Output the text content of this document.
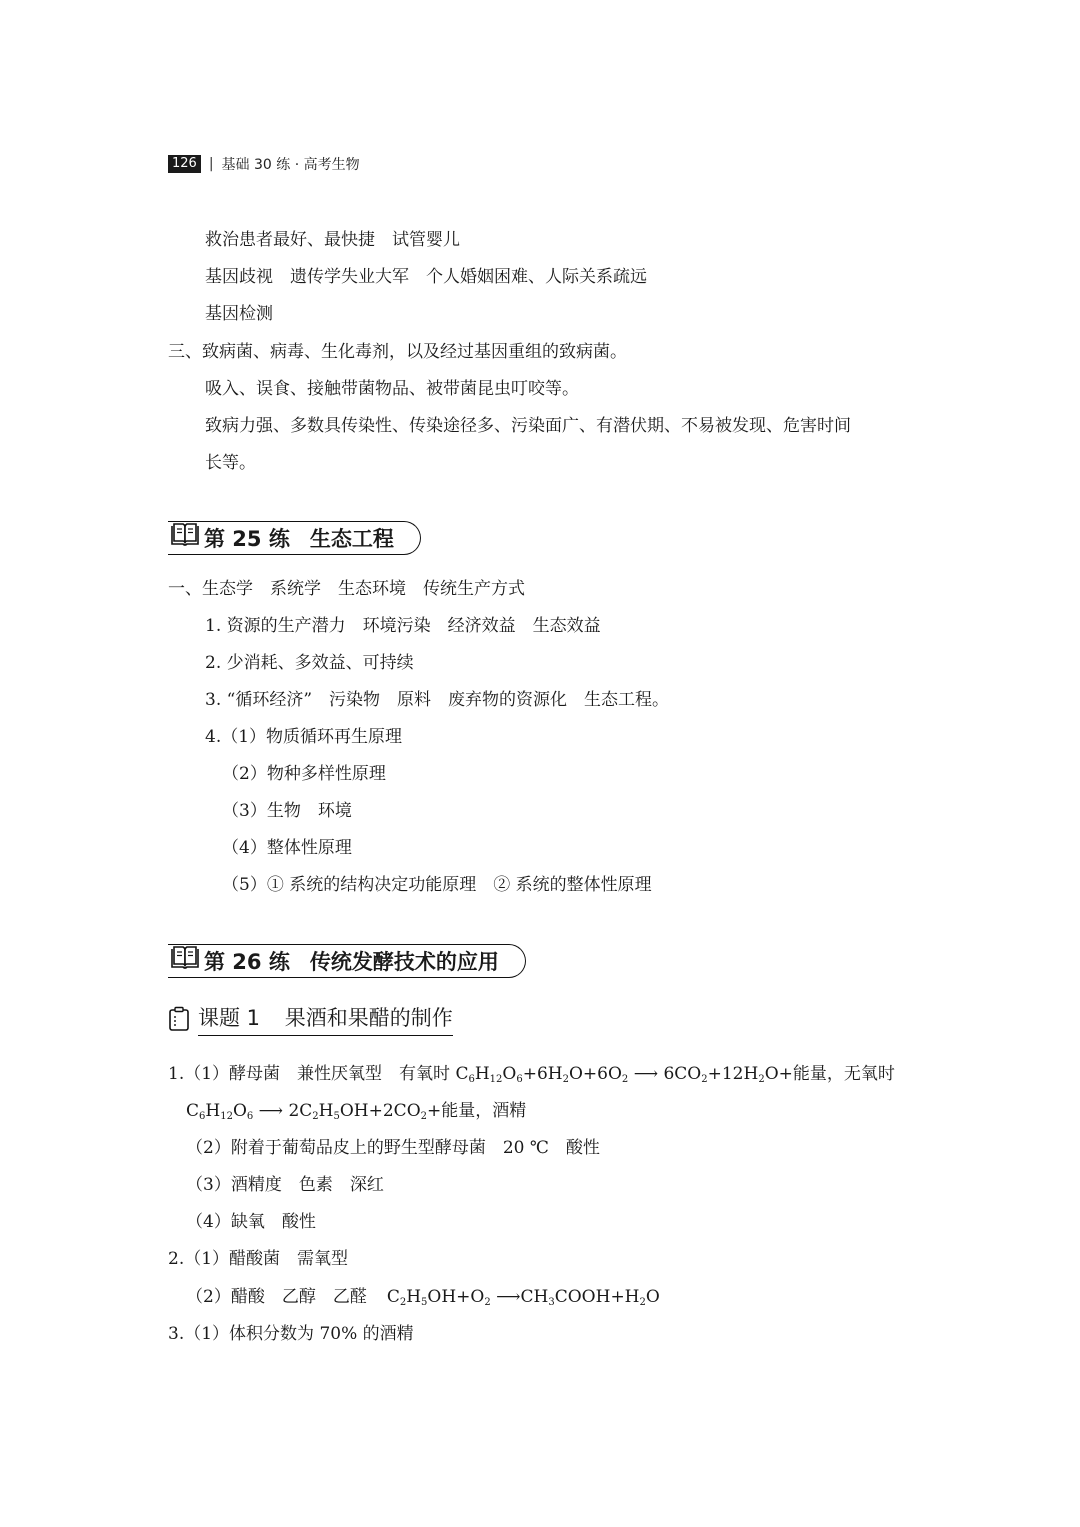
126 | 基础 30 练 · 高考生物
救治患者最好、最快捷　试管婴儿
基因歧视　遗传学失业大军　个人婚姻困难、人际关系疏远
基因检测
三、致病菌、病毒、生化毒剂，以及经过基因重组的致病菌。
吸入、误食、接触带菌物品、被带菌昆虫叮咬等。
致病力强、多数具传染性、传染途径多、污染面广、有潜伏期、不易被发现、危害时间
长等。
第 25 练 生态工程
一、生态学　系统学　生态环境　传统生产方式
1. 资源的生产潜力　环境污染　经济效益　生态效益
2. 少消耗、多效益、可持续
3. “循环经济”　污染物　原料　废弃物的资源化　生态工程。
4.（1）物质循环再生原理
（2）物种多样性原理
（3）生物　环境
（4）整体性原理
（5）① 系统的结构决定功能原理　② 系统的整体性原理
第 26 练 传统发酵技术的应用
课题 1 果酒和果醋的制作
1.（1）酵母菌　兼性厌氧型　有氧时 $C_6H_{12}O_6+6H_2O+6O_2$ ⟶ $6CO_2+12H_2O+$能量，无氧时
$C_6H_{12}O_6$ ⟶ $2C_2H_5OH+2CO_2+$能量，酒精
（2）附着于葡萄品皮上的野生型酵母菌　20 ℃　酸性
（3）酒精度　色素　深红
（4）缺氧　酸性
2.（1）醋酸菌　需氧型
（2）醋酸　乙醇　乙醛 $C_2H_5OH+O_2$ $⟶CH_3COOH+H_2O$
3.（1）体积分数为 70% 的酒精
